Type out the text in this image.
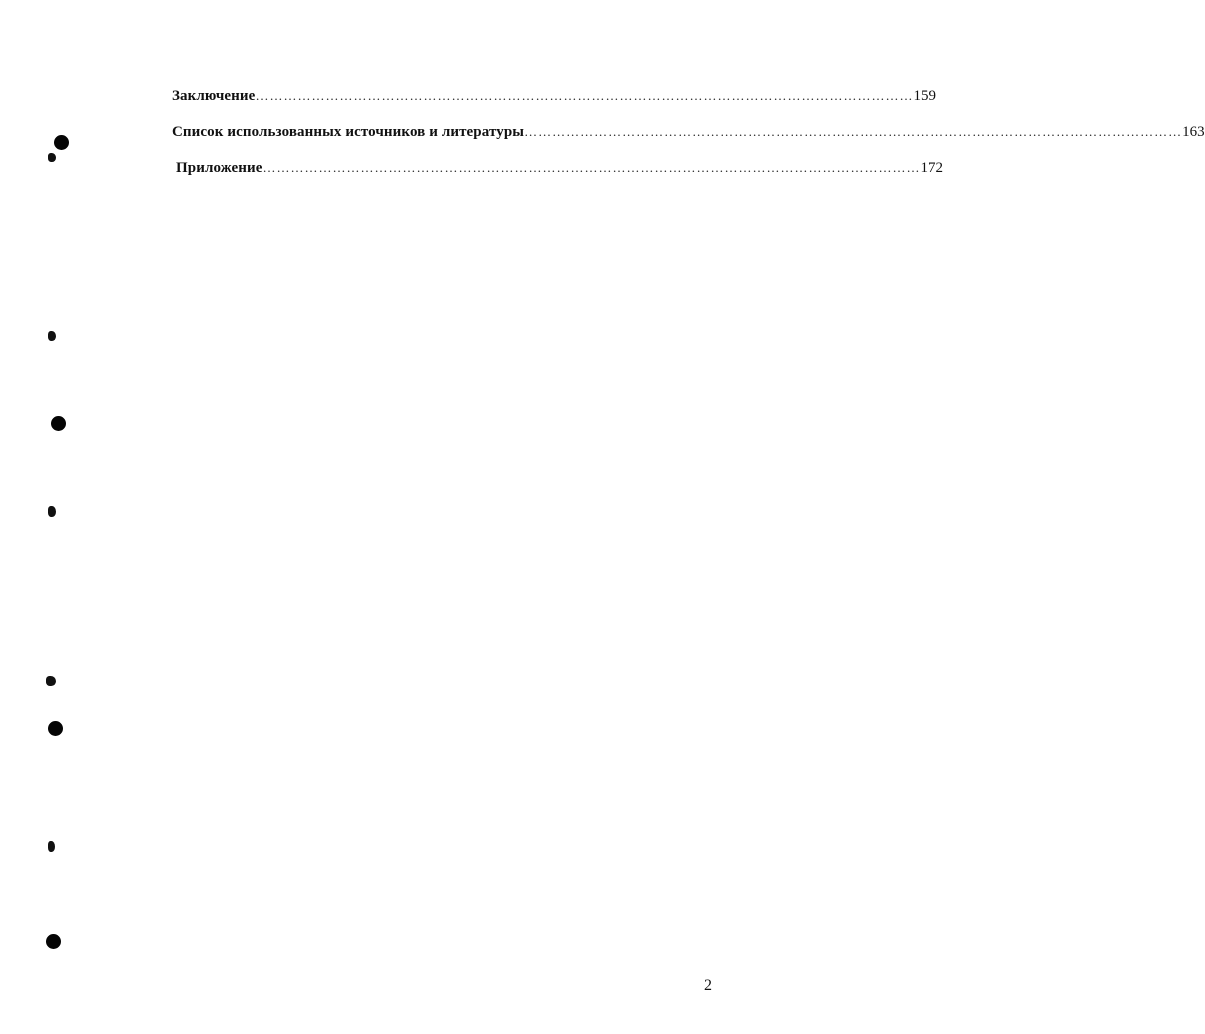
Заключение …………………………………………………………………………………………………………………………… 159
Список использованных источников и литературы …………………………………………………………………………………………………………………………… 163
Приложение …………………………………………………………………………………………………………………………… 172
2
